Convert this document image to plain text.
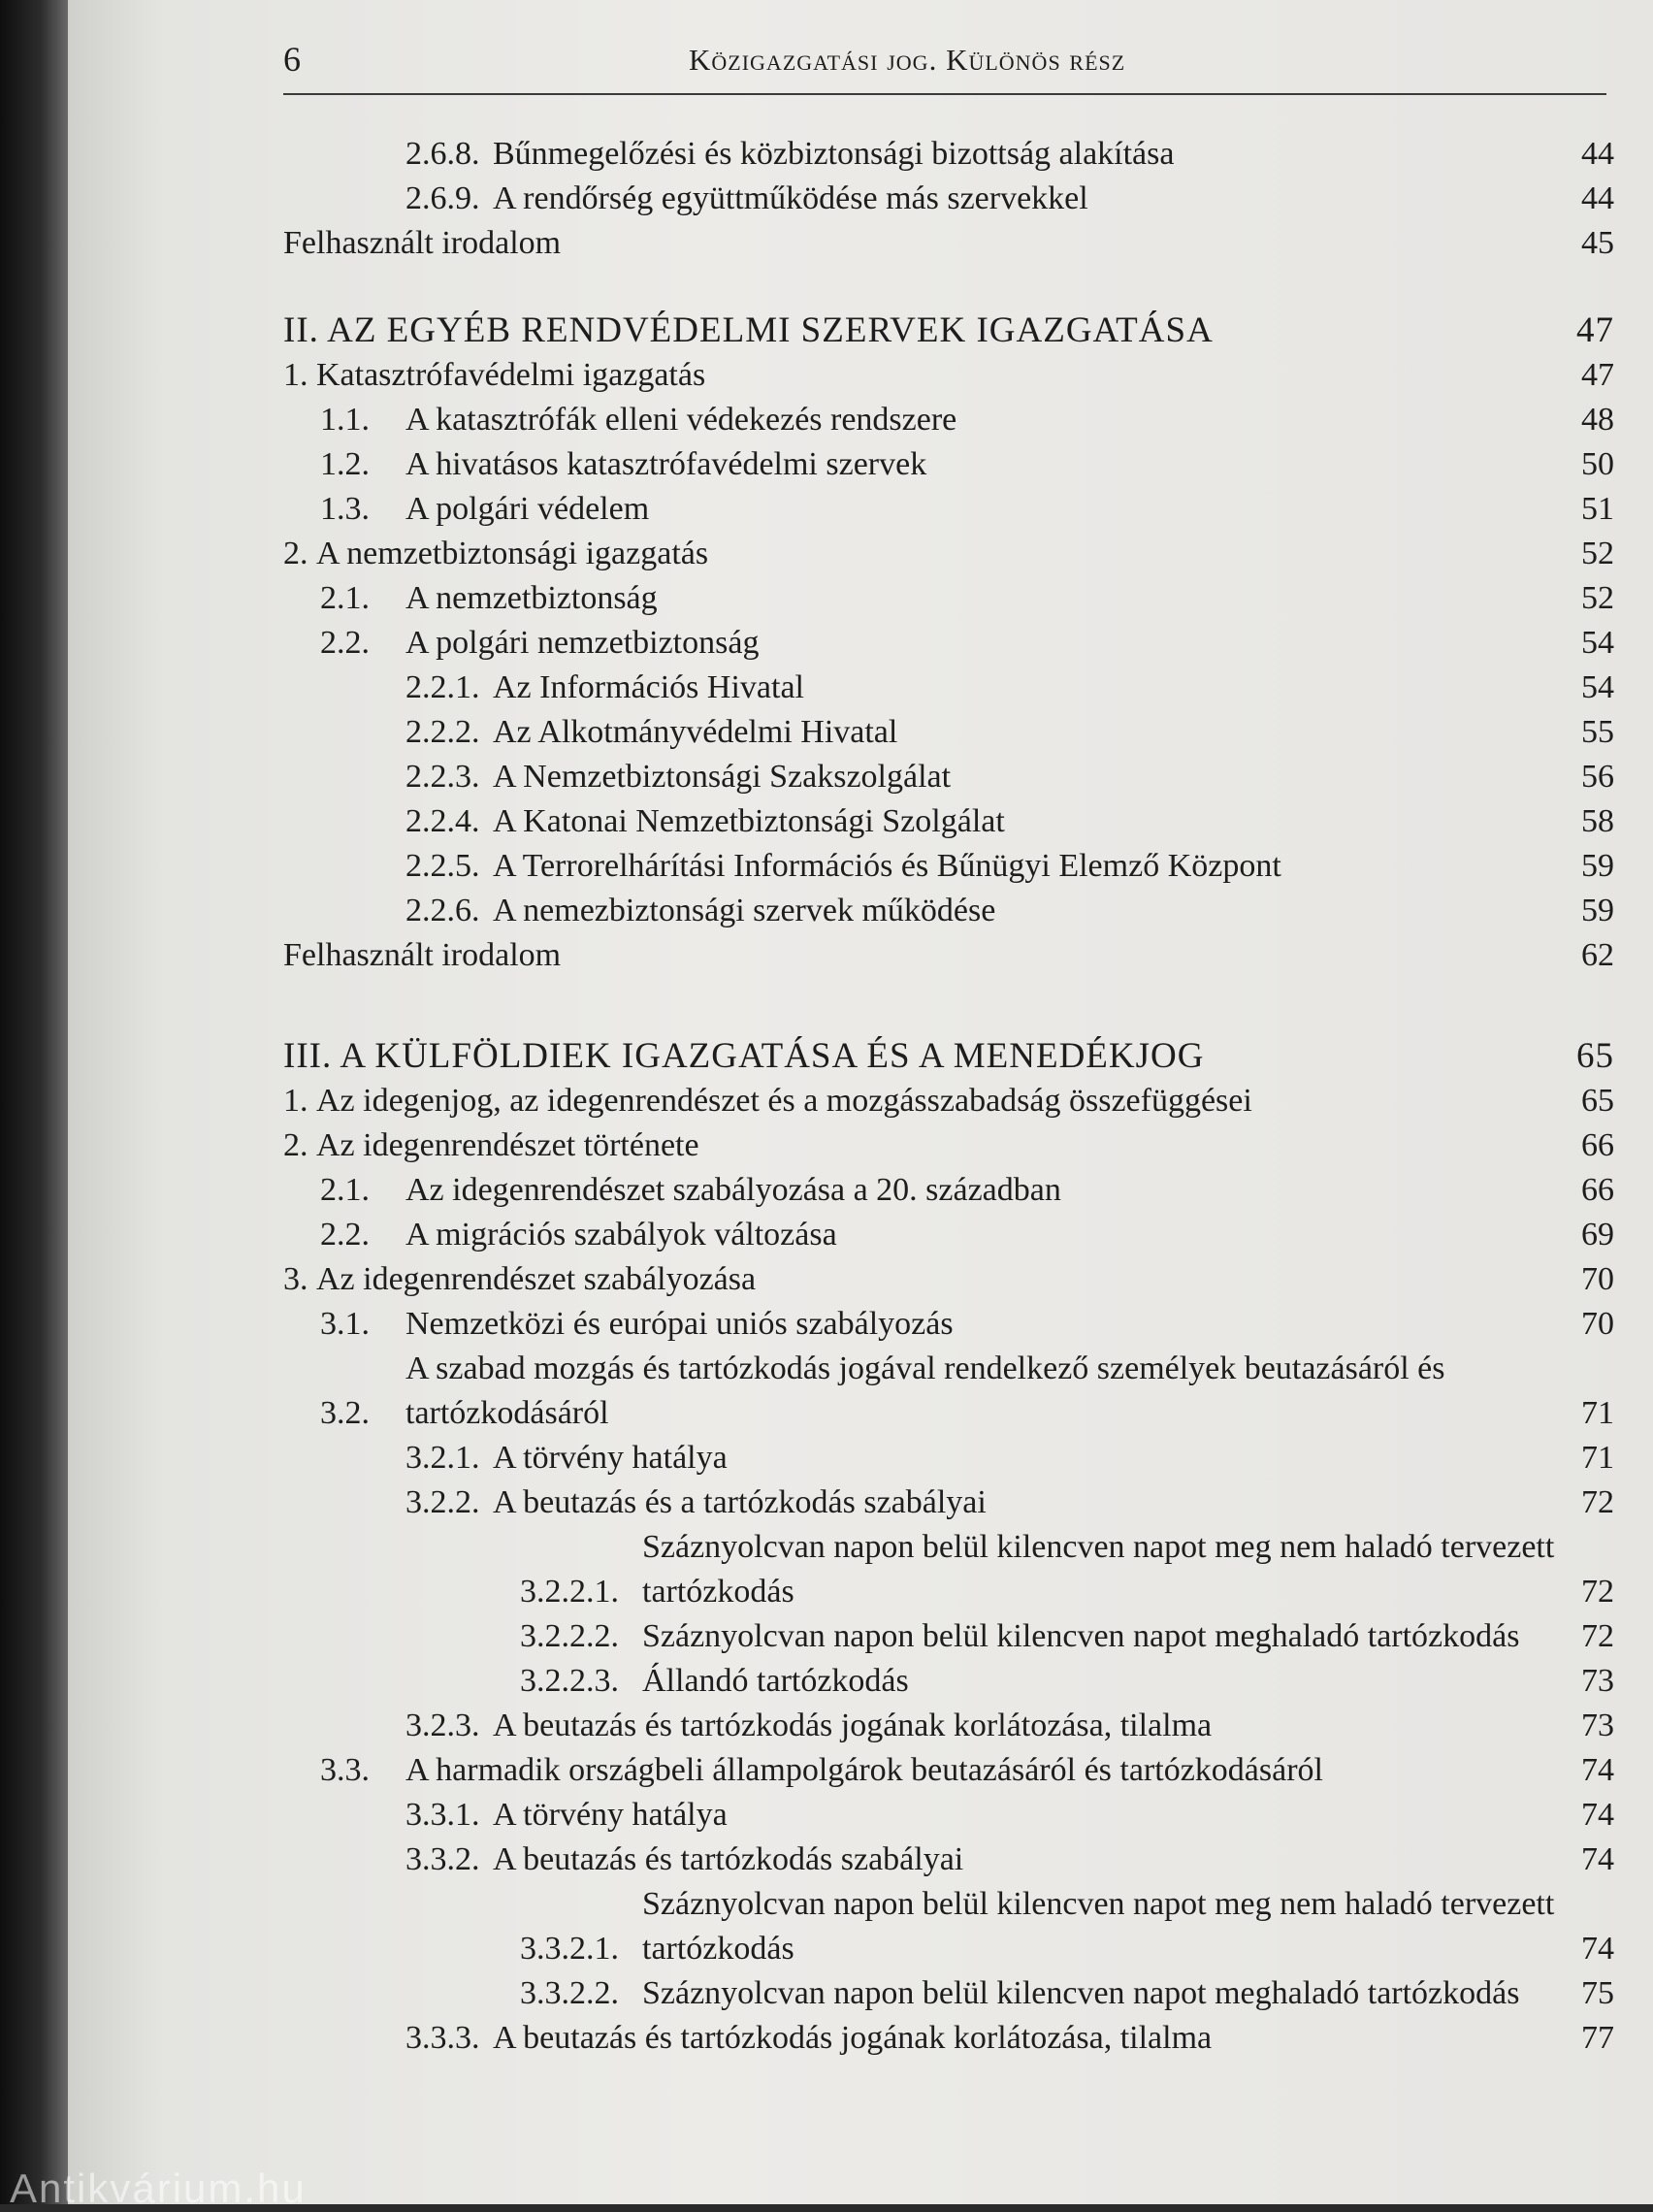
6	Közigazgatási jog. Különös rész
2.6.8. Bűnmegelőzési és közbiztonsági bizottság alakítása	44
2.6.9. A rendőrség együttműködése más szervekkel	44
Felhasznált irodalom	45
II. AZ EGYÉB RENDVÉDELMI SZERVEK IGAZGATÁSA	47
1. Katasztrófavédelmi igazgatás	47
1.1.	A katasztrófák elleni védekezés rendszere	48
1.2.	A hivatásos katasztrófavédelmi szervek	50
1.3.	A polgári védelem	51
2. A nemzetbiztonsági igazgatás	52
2.1.	A nemzetbiztonság	52
2.2.	A polgári nemzetbiztonság	54
2.2.1. Az Információs Hivatal	54
2.2.2. Az Alkotmányvédelmi Hivatal	55
2.2.3. A Nemzetbiztonsági Szakszolgálat	56
2.2.4. A Katonai Nemzetbiztonsági Szolgálat	58
2.2.5. A Terrorelhárítási Információs és Bűnügyi Elemző Központ	59
2.2.6. A nemezbiztonsági szervek működése	59
Felhasznált irodalom	62
III. A KÜLFÖLDIEK IGAZGATÁSA ÉS A MENEDÉKJOG	65
1. Az idegenjog, az idegenrendészet és a mozgásszabadság összefüggései	65
2. Az idegenrendészet története	66
2.1.	Az idegenrendészet szabályozása a 20. században	66
2.2.	A migrációs szabályok változása	69
3. Az idegenrendészet szabályozása	70
3.1.	Nemzetközi és európai uniós szabályozás	70
3.2.
A szabad mozgás és tartózkodás jogával rendelkező személyek beutazásáról és tartózkodásáról	71
3.2.1. A törvény hatálya	71
3.2.2. A beutazás és a tartózkodás szabályai	72
3.2.2.1.
Száznyolcvan napon belül kilencven napot meg nem haladó tervezett tartózkodás	72
3.2.2.2. Száznyolcvan napon belül kilencven napot meghaladó tartózkodás	72
3.2.2.3. Állandó tartózkodás	73
3.2.3. A beutazás és tartózkodás jogának korlátozása, tilalma	73
3.3.	A harmadik országbeli állampolgárok beutazásáról és tartózkodásáról	74
3.3.1. A törvény hatálya	74
3.3.2. A beutazás és tartózkodás szabályai	74
3.3.2.1.
Száznyolcvan napon belül kilencven napot meg nem haladó tervezett tartózkodás	74
3.3.2.2. Száznyolcvan napon belül kilencven napot meghaladó tartózkodás	75
3.3.3. A beutazás és tartózkodás jogának korlátozása, tilalma	77
Antikvárium.hu
